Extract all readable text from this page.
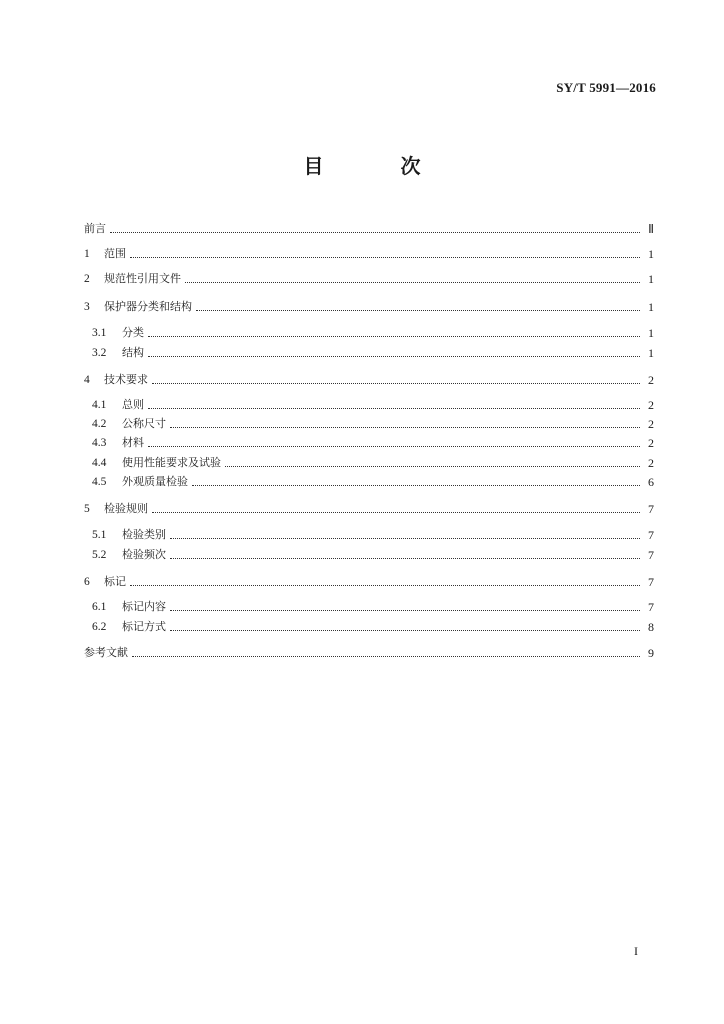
SY/T 5991—2016
目	次
前言	Ⅱ
1	范围	1
2	规范性引用文件	1
3	保护器分类和结构	1
3.1	分类	1
3.2	结构	1
4	技术要求	2
4.1	总则	2
4.2	公称尺寸	2
4.3	材料	2
4.4	使用性能要求及试验	2
4.5	外观质量检验	6
5	检验规则	7
5.1	检验类别	7
5.2	检验频次	7
6	标记	7
6.1	标记内容	7
6.2	标记方式	8
参考文献	9
I
